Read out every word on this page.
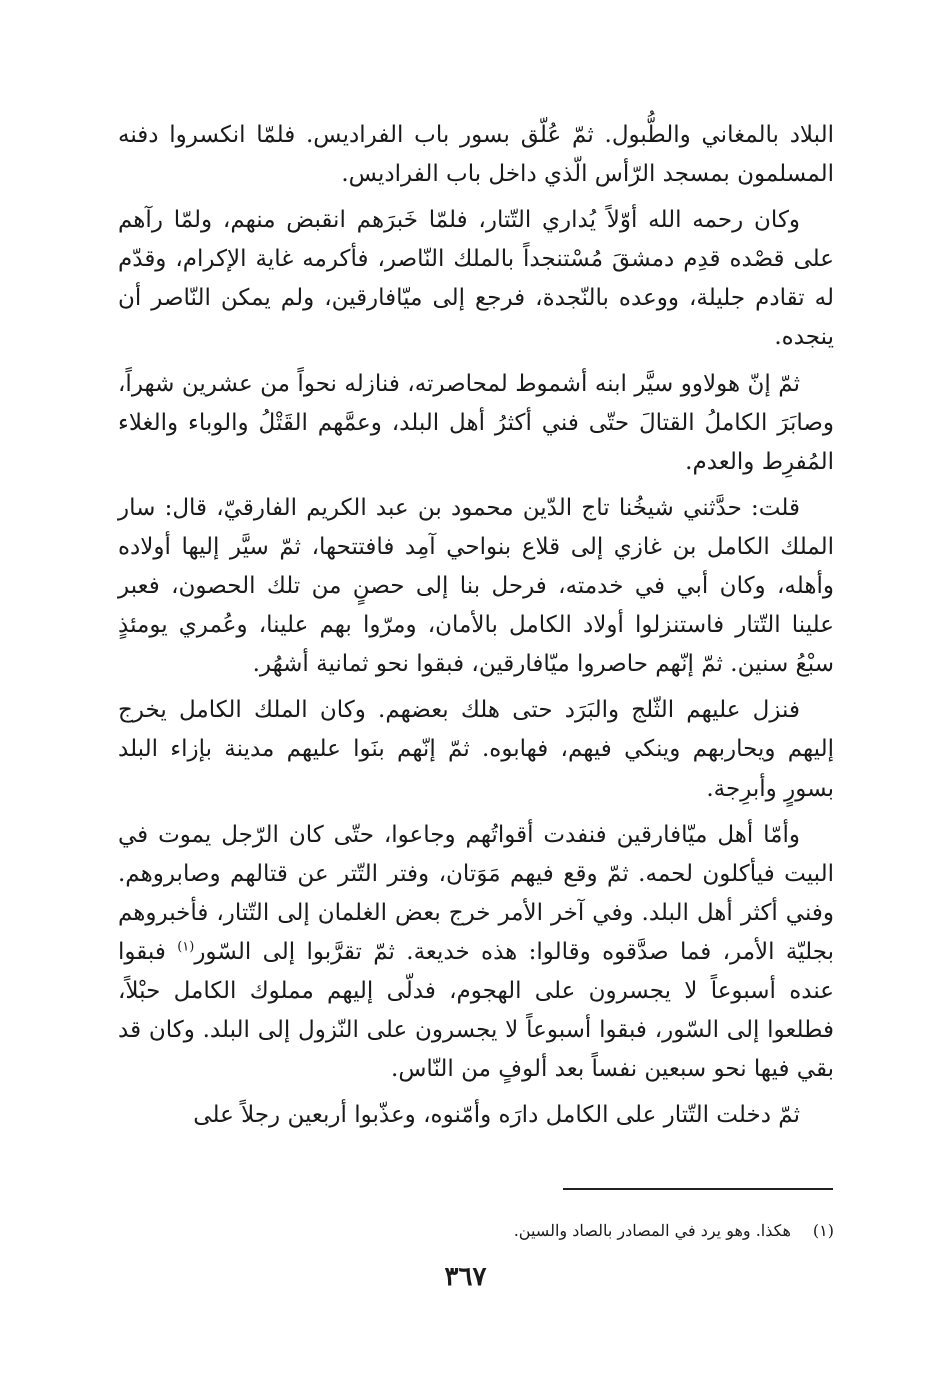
البلاد بالمغاني والطُّبول. ثمّ عُلّق بسور باب الفراديس. فلمّا انكسروا دفنه المسلمون بمسجد الرّأس الّذي داخل باب الفراديس.

وكان رحمه الله أوّلاً يُداري التّتار، فلمّا خَبرَهم انقبض منهم، ولمّا رآهم على قصْده قدِم دمشقَ مُسْتنجداً بالملك النّاصر، فأكرمه غاية الإكرام، وقدّم له تقادم جليلة، ووعده بالنّجدة، فرجع إلى ميّافارقين، ولم يمكن النّاصر أن ينجده.

ثمّ إنّ هولاوو سيَّر ابنه أشموط لمحاصرته، فنازله نحواً من عشرين شهراً، وصابَرَ الكاملُ القتالَ حتّى فني أكثرُ أهل البلد، وعمَّهم القَتْلُ والوباء والغلاء المُفرِط والعدم.

قلت: حدَّثني شيخُنا تاج الدّين محمود بن عبد الكريم الفارقيّ، قال: سار الملك الكامل بن غازي إلى قلاع بنواحي آمِد فافتتحها، ثمّ سيَّر إليها أولاده وأهله، وكان أبي في خدمته، فرحل بنا إلى حصنٍ من تلك الحصون، فعبر علينا التّتار فاستنزلوا أولاد الكامل بالأمان، ومرّوا بهم علينا، وعُمري يومئذٍ سبْعُ سنين. ثمّ إنّهم حاصروا ميّافارقين، فبقوا نحو ثمانية أشهُر.

فنزل عليهم الثّلج والبَرَد حتى هلك بعضهم. وكان الملك الكامل يخرج إليهم ويحاربهم وينكي فيهم، فهابوه. ثمّ إنّهم بنَوا عليهم مدينة بإزاء البلد بسورٍ وأبرِجة.

وأمّا أهل ميّافارقين فنفدت أقواتُهم وجاعوا، حتّى كان الرّجل يموت في البيت فيأكلون لحمه. ثمّ وقع فيهم مَوَتان، وفتر التّتر عن قتالهم وصابروهم. وفني أكثر أهل البلد. وفي آخر الأمر خرج بعض الغلمان إلى التّتار، فأخبروهم بجليّة الأمر، فما صدَّقوه وقالوا: هذه خديعة. ثمّ تقرَّبوا إلى السّور$^{(١)}$ فبقوا عنده أسبوعاً لا يجسرون على الهجوم، فدلّى إليهم مملوك الكامل حبْلاً، فطلعوا إلى السّور، فبقوا أسبوعاً لا يجسرون على النّزول إلى البلد. وكان قد بقي فيها نحو سبعين نفساً بعد ألوفٍ من النّاس.

ثمّ دخلت التّتار على الكامل دارَه وأمّنوه، وعذّبوا أربعين رجلاً على

(١)هكذا. وهو يرد في المصادر بالصاد والسين.
٣٦٧
